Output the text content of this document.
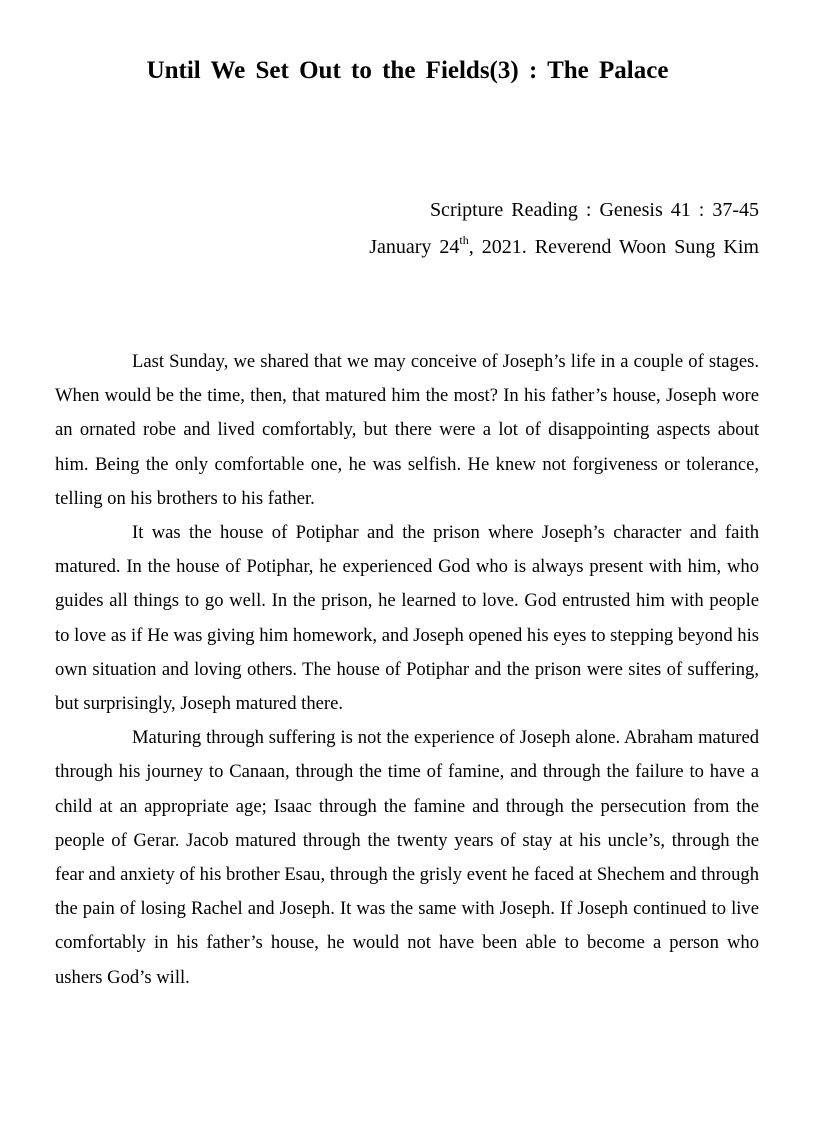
Until We Set Out to the Fields(3) : The Palace
Scripture Reading : Genesis 41 : 37-45
January 24th, 2021. Reverend Woon Sung Kim

Last Sunday, we shared that we may conceive of Joseph’s life in a couple of stages. When would be the time, then, that matured him the most? In his father’s house, Joseph wore an ornated robe and lived comfortably, but there were a lot of disappointing aspects about him. Being the only comfortable one, he was selfish. He knew not forgiveness or tolerance, telling on his brothers to his father.

It was the house of Potiphar and the prison where Joseph’s character and faith matured. In the house of Potiphar, he experienced God who is always present with him, who guides all things to go well. In the prison, he learned to love. God entrusted him with people to love as if He was giving him homework, and Joseph opened his eyes to stepping beyond his own situation and loving others. The house of Potiphar and the prison were sites of suffering, but surprisingly, Joseph matured there.

Maturing through suffering is not the experience of Joseph alone. Abraham matured through his journey to Canaan, through the time of famine, and through the failure to have a child at an appropriate age; Isaac through the famine and through the persecution from the people of Gerar. Jacob matured through the twenty years of stay at his uncle’s, through the fear and anxiety of his brother Esau, through the grisly event he faced at Shechem and through the pain of losing Rachel and Joseph. It was the same with Joseph. If Joseph continued to live comfortably in his father’s house, he would not have been able to become a person who ushers God’s will.
